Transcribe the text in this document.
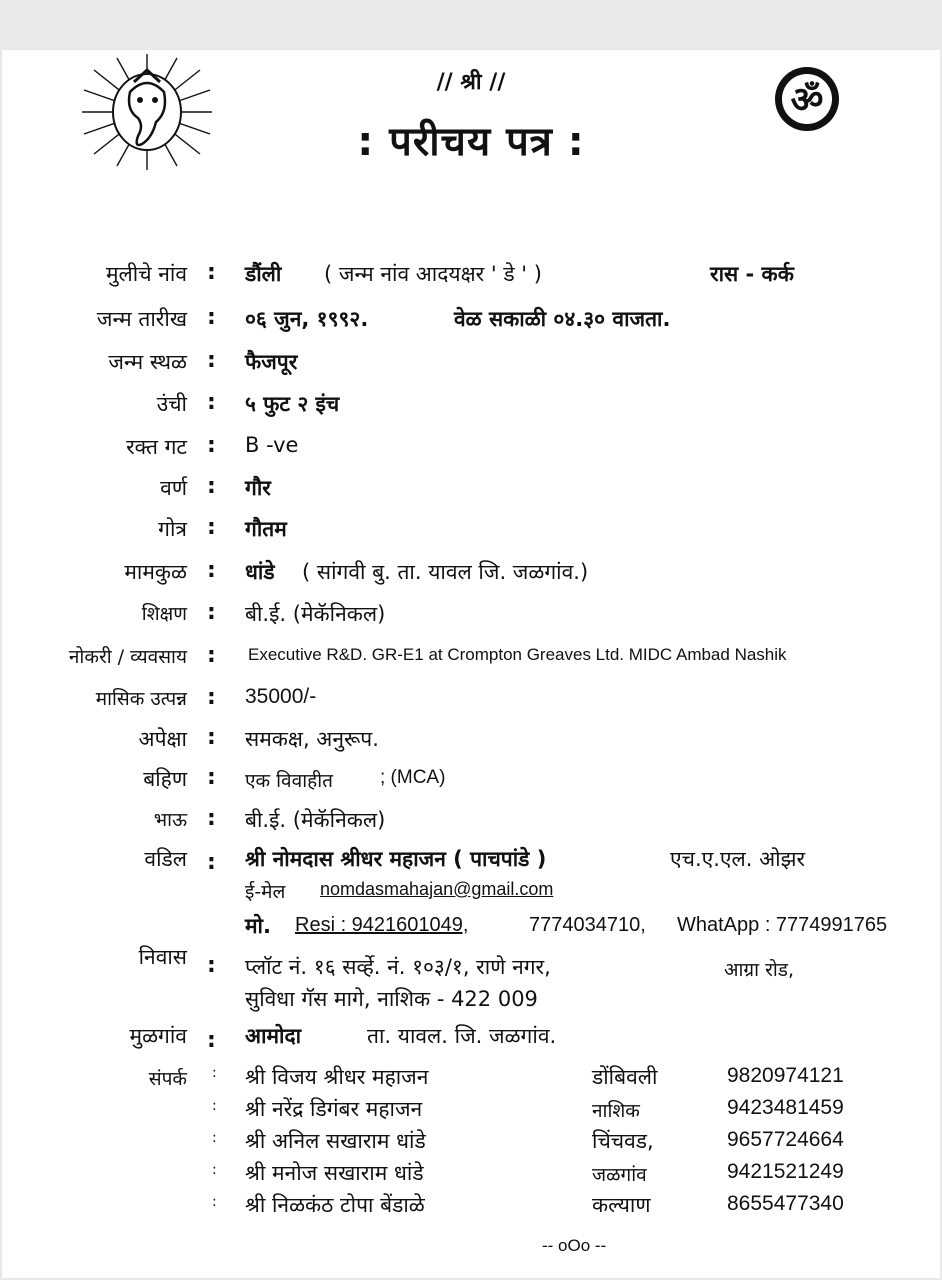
ॐ
// श्री //
: परीचय पत्र :
मुलीचे नांव : डौंली ( जन्म नांव आदयक्षर ' डे ' )	रास - कर्क
जन्म तारीख : ०६ जुन, १९९२.	वेळ सकाळी ०४.३० वाजता.
जन्म स्थळ : फैजपूर
उंची : ५ फुट २ इंच
रक्त गट : B -ve
वर्ण : गौर
गोत्र : गौतम
मामकुळ : धांडे ( सांगवी बु. ता. यावल जि. जळगांव.)
शिक्षण : बी.ई. (मेकॅनिकल)
नोकरी / व्यवसाय : Executive R&D. GR-E1 at Crompton Greaves Ltd. MIDC Ambad Nashik
मासिक उत्पन्न : 35000/-
अपेक्षा : समकक्ष, अनुरूप.
बहिण : एक विवाहीत ; (MCA)
भाऊ : बी.ई. (मेकॅनिकल)
वडिल : श्री नोमदास श्रीधर महाजन ( पाचपांडे )	एच.ए.एल. ओझर
ई-मेल nomdasmahajan@gmail.com
मो. Resi : 9421601049,	7774034710, WhatApp : 7774991765
निवास : प्लॉट नं. १६ सर्व्हे. नं. १०३/१, राणे नगर,	आग्रा रोड,
सुविधा गॅस मागे, नाशिक - 422 009
मुळगांव : आमोदा	ता. यावल. जि. जळगांव.
संपर्क : श्री विजय श्रीधर महाजन	डोंबिवली	9820974121
: श्री नरेंद्र डिगंबर महाजन	नाशिक	9423481459
: श्री अनिल सखाराम धांडे	चिंचवड,	9657724664
: श्री मनोज सखाराम धांडे	जळगांव	9421521249
: श्री निळकंठ टोपा बेंडाळे	कल्याण	8655477340
-- oOo --
